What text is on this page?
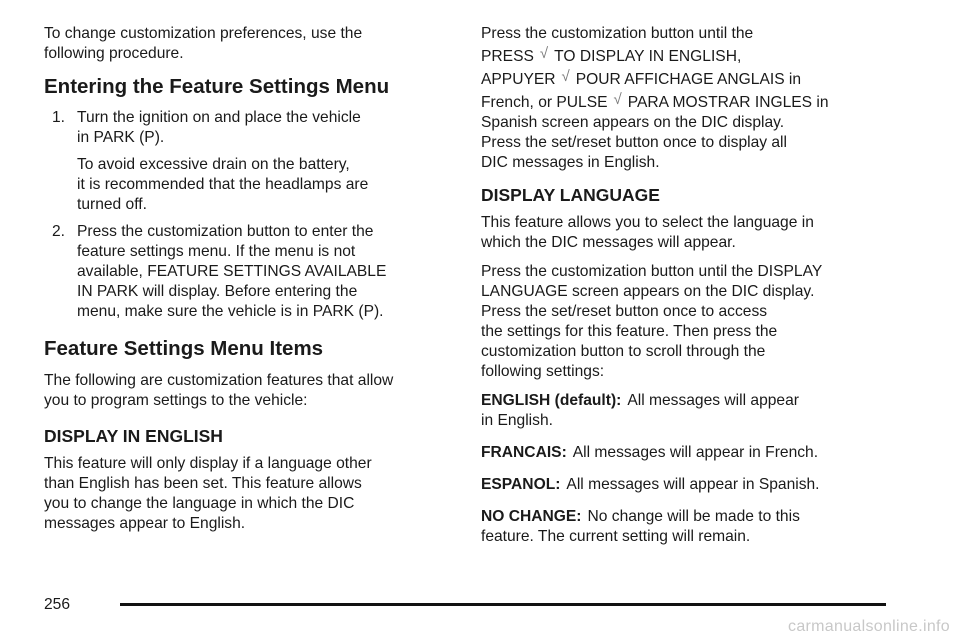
To change customization preferences, use the
following procedure.

Entering the Feature Settings Menu
1. Turn the ignition on and place the vehicle
in PARK (P).
To avoid excessive drain on the battery,
it is recommended that the headlamps are
turned off.
2. Press the customization button to enter the
feature settings menu. If the menu is not
available, FEATURE SETTINGS AVAILABLE
IN PARK will display. Before entering the
menu, make sure the vehicle is in PARK (P).
Feature Settings Menu Items

The following are customization features that allow
you to program settings to the vehicle:

DISPLAY IN ENGLISH

This feature will only display if a language other
than English has been set. This feature allows
you to change the language in which the DIC
messages appear to English.

Press the customization button until the
PRESS √ TO DISPLAY IN ENGLISH,
APPUYER √ POUR AFFICHAGE ANGLAIS in
French, or PULSE √ PARA MOSTRAR INGLES in
Spanish screen appears on the DIC display.
Press the set/reset button once to display all
DIC messages in English.

DISPLAY LANGUAGE

This feature allows you to select the language in
which the DIC messages will appear.

Press the customization button until the DISPLAY
LANGUAGE screen appears on the DIC display.
Press the set/reset button once to access
the settings for this feature. Then press the
customization button to scroll through the
following settings:

ENGLISH (default): All messages will appear
in English.

FRANCAIS: All messages will appear in French.

ESPANOL: All messages will appear in Spanish.

NO CHANGE: No change will be made to this
feature. The current setting will remain.

256
carmanualsonline.info
